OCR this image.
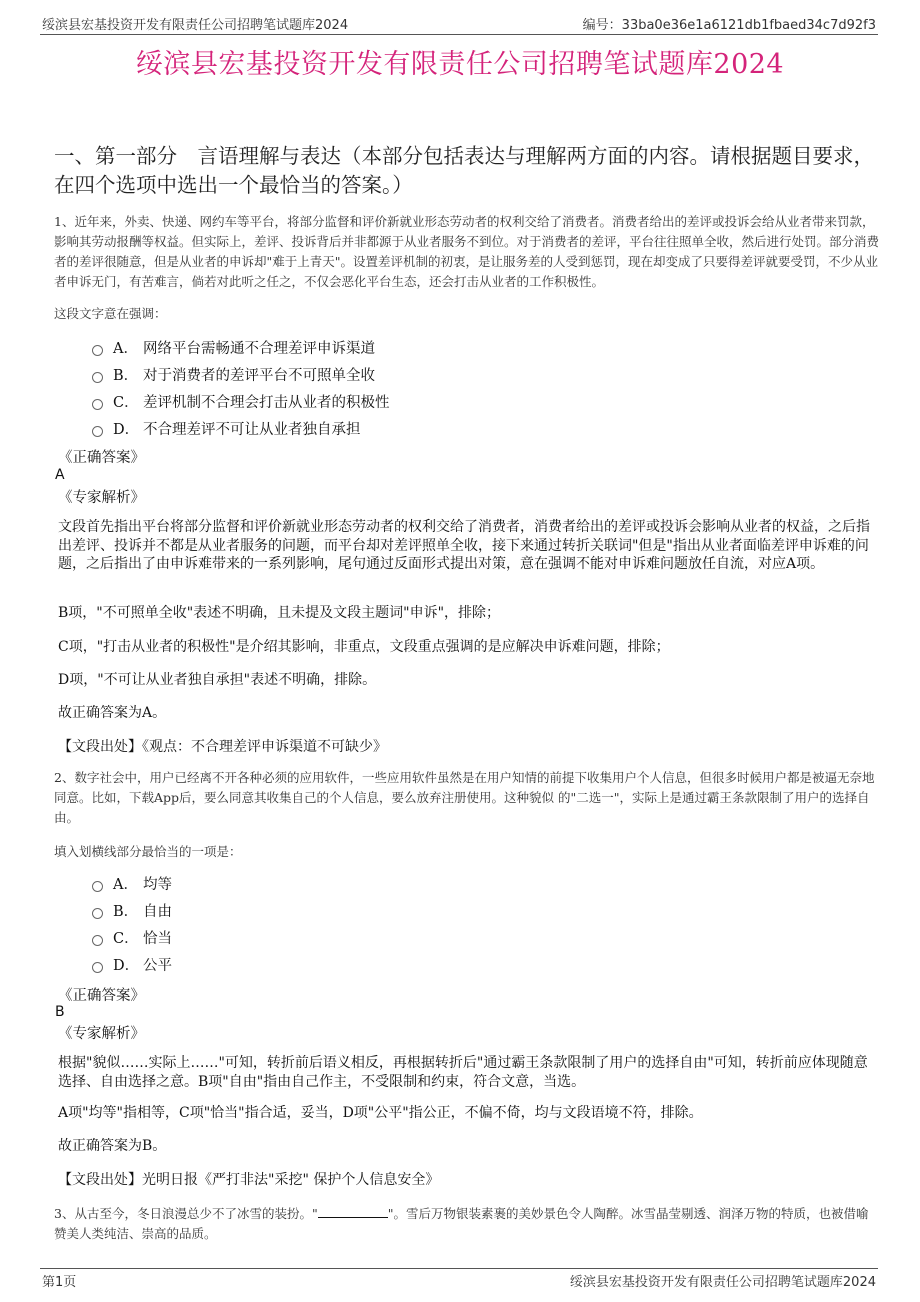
绥滨县宏基投资开发有限责任公司招聘笔试题库2024	编号：33ba0e36e1a6121db1fbaed34c7d92f3
绥滨县宏基投资开发有限责任公司招聘笔试题库2024
一、第一部分　言语理解与表达（本部分包括表达与理解两方面的内容。请根据题目要求，在四个选项中选出一个最恰当的答案。）
1、近年来，外卖、快递、网约车等平台，将部分监督和评价新就业形态劳动者的权利交给了消费者。消费者给出的差评或投诉会给从业者带来罚款，影响其劳动报酬等权益。但实际上，差评、投诉背后并非都源于从业者服务不到位。对于消费者的差评，平台往往照单全收，然后进行处罚。部分消费者的差评很随意，但是从业者的申诉却"难于上青天"。设置差评机制的初衷，是让服务差的人受到惩罚，现在却变成了只要得差评就要受罚，不少从业者申诉无门，有苦难言，倘若对此听之任之，不仅会恶化平台生态，还会打击从业者的工作积极性。
这段文字意在强调：
A． 网络平台需畅通不合理差评申诉渠道
B． 对于消费者的差评平台不可照单全收
C． 差评机制不合理会打击从业者的积极性
D． 不合理差评不可让从业者独自承担
《正确答案》
A
《专家解析》
文段首先指出平台将部分监督和评价新就业形态劳动者的权利交给了消费者，消费者给出的差评或投诉会影响从业者的权益，之后指出差评、投诉并不都是从业者服务的问题，而平台却对差评照单全收，接下来通过转折关联词"但是"指出从业者面临差评申诉难的问题，之后指出了由申诉难带来的一系列影响，尾句通过反面形式提出对策，意在强调不能对申诉难问题放任自流，对应A项。
B项，"不可照单全收"表述不明确，且未提及文段主题词"申诉"，排除；
C项，"打击从业者的积极性"是介绍其影响，非重点，文段重点强调的是应解决申诉难问题，排除；
D项，"不可让从业者独自承担"表述不明确，排除。
故正确答案为A。
【文段出处】《观点：不合理差评申诉渠道不可缺少》
2、数字社会中，用户已经离不开各种必须的应用软件，一些应用软件虽然是在用户知情的前提下收集用户个人信息，但很多时候用户都是被逼无奈地同意。比如，下载App后，要么同意其收集自己的个人信息，要么放弃注册使用。这种貌似 的"二选一"，实际上是通过霸王条款限制了用户的选择自由。
填入划横线部分最恰当的一项是：
A． 均等
B． 自由
C． 恰当
D． 公平
《正确答案》
B
《专家解析》
根据"貌似……实际上……"可知，转折前后语义相反，再根据转折后"通过霸王条款限制了用户的选择自由"可知，转折前应体现随意选择、自由选择之意。B项"自由"指由自己作主，不受限制和约束，符合文意，当选。
A项"均等"指相等，C项"恰当"指合适，妥当，D项"公平"指公正，不偏不倚，均与文段语境不符，排除。
故正确答案为B。
【文段出处】光明日报《严打非法"采挖" 保护个人信息安全》
3、从古至今，冬日浪漫总少不了冰雪的装扮。"	"。雪后万物银装素裹的美妙景色令人陶醉。冰雪晶莹剔透、润泽万物的特质，也被借喻赞美人类纯洁、崇高的品质。
第1页	绥滨县宏基投资开发有限责任公司招聘笔试题库2024
